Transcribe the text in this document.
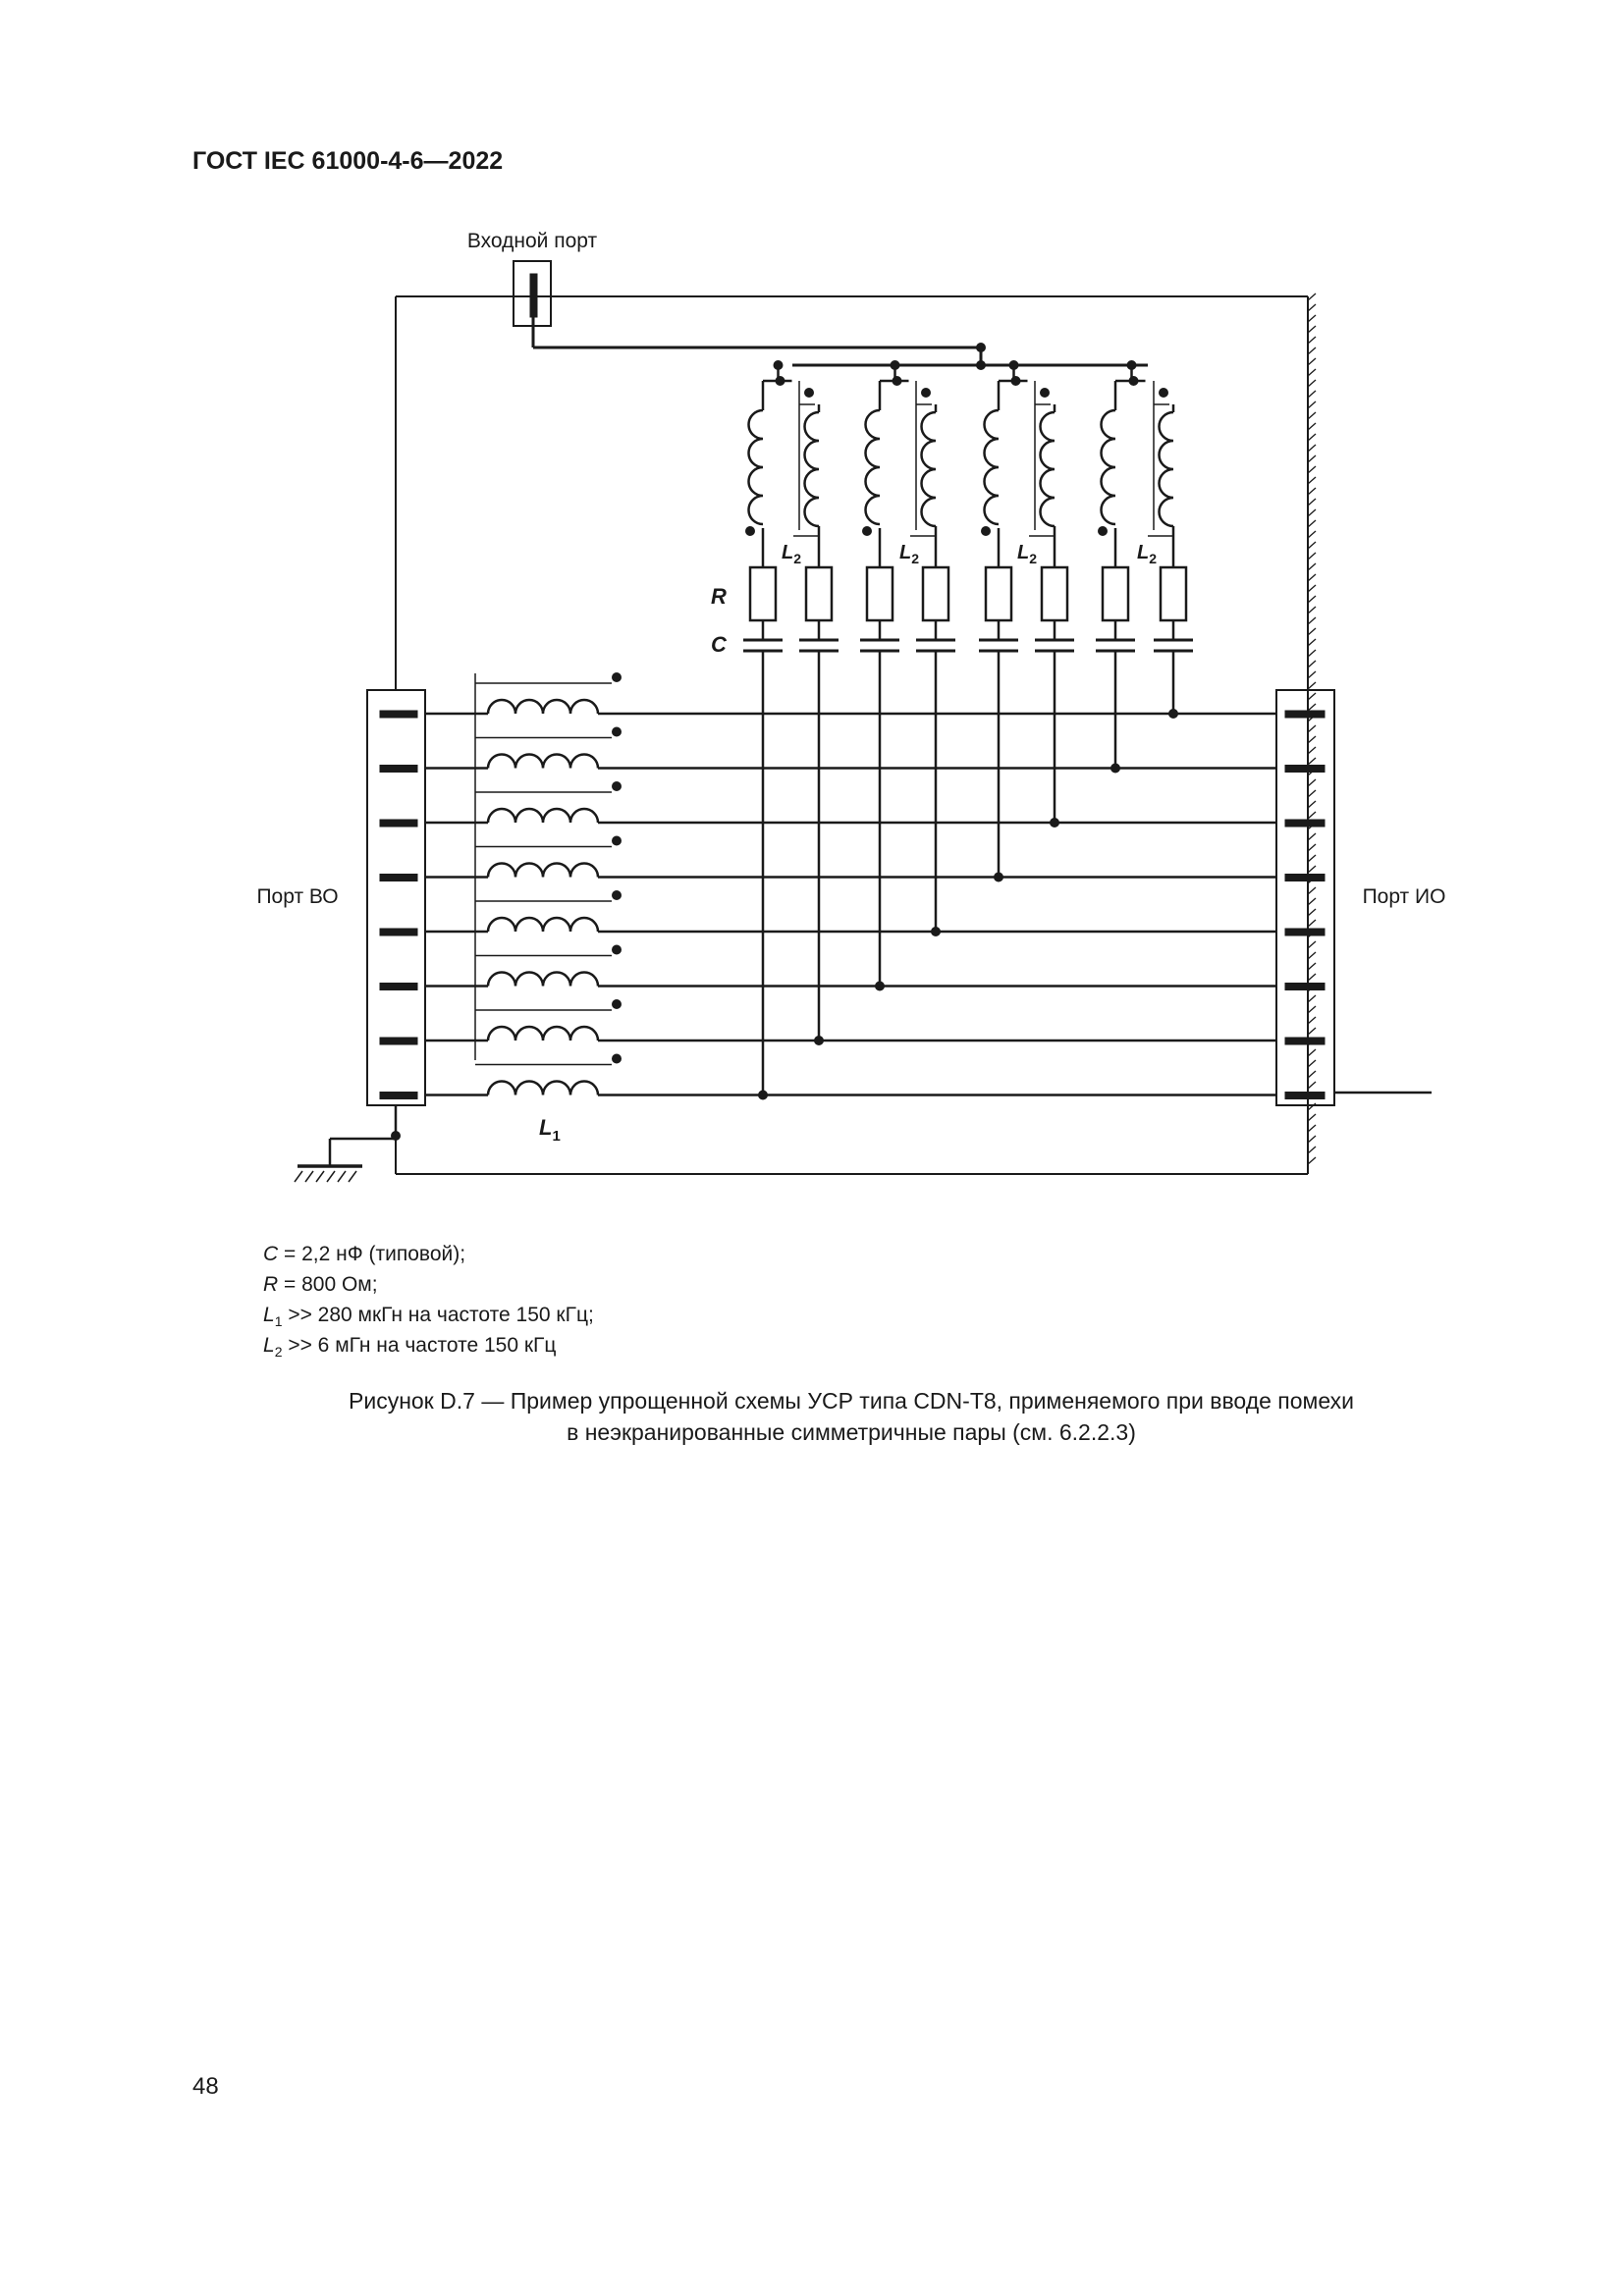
ГОСТ IEC 61000-4-6—2022
Входной порт
Порт ВО	Порт ИО
R
C
$L_1$
$L_2$	$L_2$	$L_2$	$L_2$
C = 2,2 нФ (типовой);
R = 800 Ом;
$L_1 >> 280$ мкГн на частоте 150 кГц;
$L_2 >> 6$ мГн на частоте 150 кГц
Рисунок D.7 — Пример упрощенной схемы УСР типа CDN-T8, применяемого при вводе помехи
в неэкранированные симметричные пары (см. 6.2.2.3)
48
